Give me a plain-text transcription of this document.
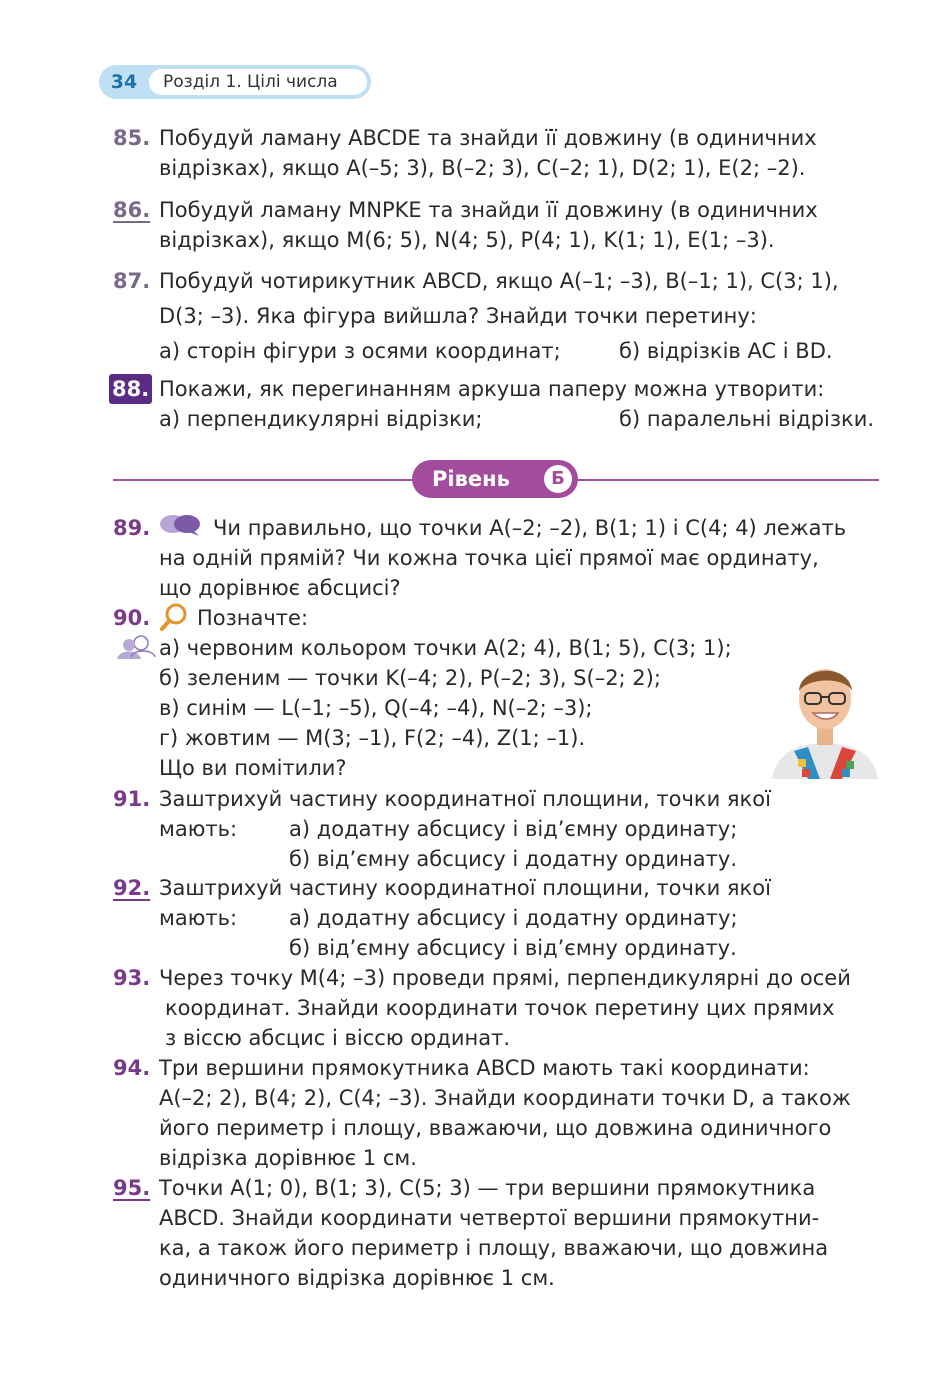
34	Розділ 1. Цілі числа
85. Побудуй ламану ABCDE та знайди її довжину (в одиничних
відрізках), якщо A(–5; 3), B(–2; 3), C(–2; 1), D(2; 1), E(2; –2).
86. Побудуй ламану MNPKE та знайди її довжину (в одиничних
відрізках), якщо M(6; 5), N(4; 5), P(4; 1), K(1; 1), E(1; –3).
87. Побудуй чотирикутник ABCD, якщо A(–1; –3), B(–1; 1), C(3; 1),
D(3; –3). Яка фігура вийшла? Знайди точки перетину:
а) сторін фігури з осями координат;	б) відрізків AC і BD.
88. Покажи, як перегинанням аркуша паперу можна утворити:
а) перпендикулярні відрізки;	б) паралельні відрізки.
Рівень	Б
89.	Чи правильно, що точки A(–2; –2), B(1; 1) і C(4; 4) лежать
на одній прямій? Чи кожна точка цієї прямої має ординату,
що дорівнює абсцисі?
90. Позначте:
а) червоним кольором точки A(2; 4), B(1; 5), C(3; 1);
б) зеленим — точки K(–4; 2), P(–2; 3), S(–2; 2);
в) синім — L(–1; –5), Q(–4; –4), N(–2; –3);
г) жовтим — M(3; –1), F(2; –4), Z(1; –1).
Що ви помітили?
91. Заштрихуй частину координатної площини, точки якої
мають:	а) додатну абсцису і від’ємну ординату;
б) від’ємну абсцису і додатну ординату.
92. Заштрихуй частину координатної площини, точки якої
мають:	а) додатну абсцису і додатну ординату;
б) від’ємну абсцису і від’ємну ординату.
93. Через точку M(4; –3) проведи прямі, перпендикулярні до осей
координат. Знайди координати точок перетину цих прямих
з віссю абсцис і віссю ординат.
94. Три вершини прямокутника ABCD мають такі координати:
A(–2; 2), B(4; 2), C(4; –3). Знайди координати точки D, а також
його периметр і площу, вважаючи, що довжина одиничного
відрізка дорівнює 1 см.
95. Точки A(1; 0), B(1; 3), C(5; 3) — три вершини прямокутника
ABCD. Знайди координати четвертої вершини прямокутни-
ка, а також його периметр і площу, вважаючи, що довжина
одиничного відрізка дорівнює 1 см.
